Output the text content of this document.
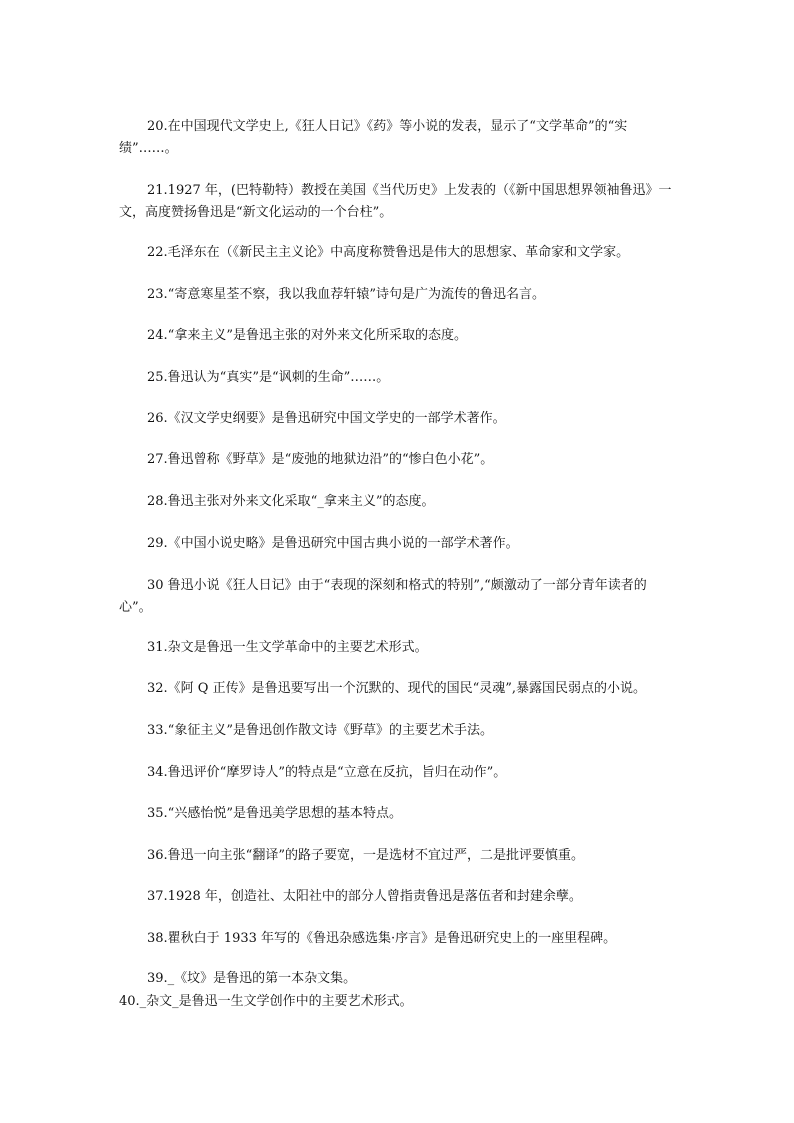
20.在中国现代文学史上,《狂人日记》《药》等小说的发表，显示了“文学革命”的“实绩”……。

21.1927 年，(巴特勒特）教授在美国《当代历史》上发表的（《新中国思想界领袖鲁迅》一文，高度赞扬鲁迅是“新文化运动的一个台柱”。

22.毛泽东在（《新民主主义论》中高度称赞鲁迅是伟大的思想家、革命家和文学家。

23.“寄意寒星荃不察，我以我血荐轩辕”诗句是广为流传的鲁迅名言。

24.“拿来主义”是鲁迅主张的对外来文化所采取的态度。

25.鲁迅认为“真实”是“讽刺的生命”……。

26.《汉文学史纲要》是鲁迅研究中国文学史的一部学术著作。

27.鲁迅曾称《野草》是“废弛的地狱边沿”的“惨白色小花”。

28.鲁迅主张对外来文化采取“_拿来主义”的态度。

29.《中国小说史略》是鲁迅研究中国古典小说的一部学术著作。

30 鲁迅小说《狂人日记》由于“表现的深刻和格式的特别”,“颇激动了一部分青年读者的心”。

31.杂文是鲁迅一生文学革命中的主要艺术形式。

32.《阿 Q 正传》是鲁迅要写出一个沉默的、现代的国民“灵魂”,暴露国民弱点的小说。

33.“象征主义”是鲁迅创作散文诗《野草》的主要艺术手法。

34.鲁迅评价“摩罗诗人”的特点是“立意在反抗，旨归在动作”。

35.“兴感怡悦”是鲁迅美学思想的基本特点。

36.鲁迅一向主张“翻译”的路子要宽，一是选材不宜过严，二是批评要慎重。

37.1928 年，创造社、太阳社中的部分人曾指责鲁迅是落伍者和封建余孽。

38.瞿秋白于 1933 年写的《鲁迅杂感选集·序言》是鲁迅研究史上的一座里程碑。

39._《坟》是鲁迅的第一本杂文集。

40._杂文_是鲁迅一生文学创作中的主要艺术形式。
